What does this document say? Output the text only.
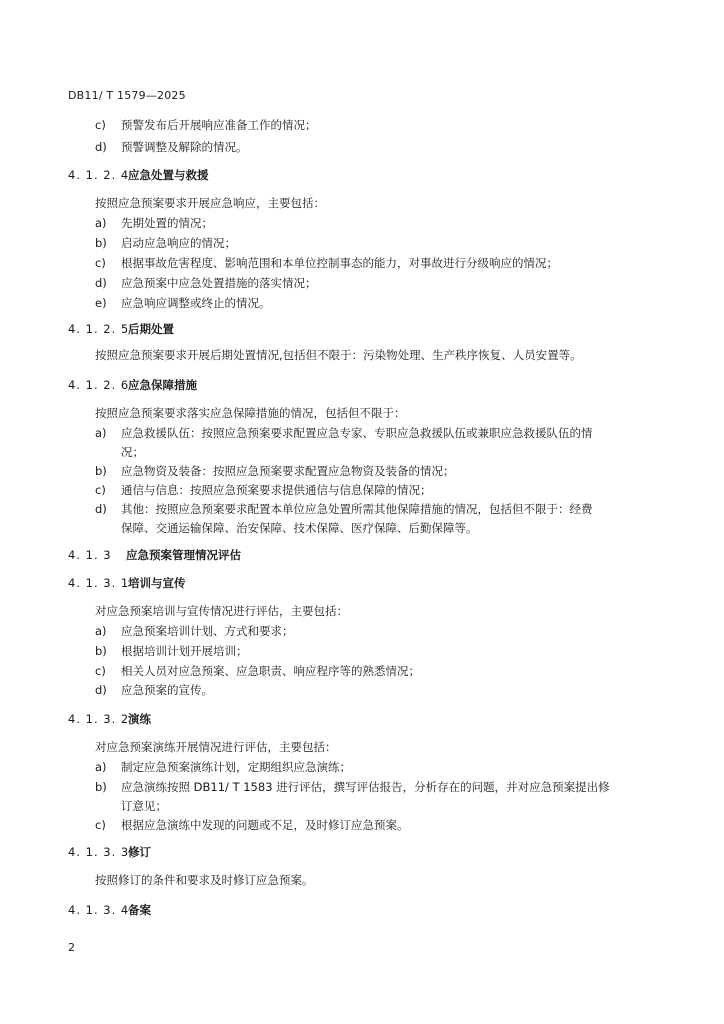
DB11/ T 1579—2025
c) 预警发布后开展响应准备工作的情况；
d) 预警调整及解除的情况。
4. 1. 2. 4应急处置与救援
按照应急预案要求开展应急响应，主要包括：
a) 先期处置的情况；
b) 启动应急响应的情况；
c) 根据事故危害程度、影响范围和本单位控制事态的能力，对事故进行分级响应的情况；
d) 应急预案中应急处置措施的落实情况；
e) 应急响应调整或终止的情况。
4. 1. 2. 5后期处置
按照应急预案要求开展后期处置情况,包括但不限于：污染物处理、生产秩序恢复、人员安置等。
4. 1. 2. 6应急保障措施
按照应急预案要求落实应急保障措施的情况，包括但不限于：
a) 应急救援队伍：按照应急预案要求配置应急专家、专职应急救援队伍或兼职应急救援队伍的情
况；
b) 应急物资及装备：按照应急预案要求配置应急物资及装备的情况；
c) 通信与信息：按照应急预案要求提供通信与信息保障的情况；
d) 其他：按照应急预案要求配置本单位应急处置所需其他保障措施的情况，包括但不限于：经费
保障、交通运输保障、治安保障、技术保障、医疗保障、后勤保障等。
4. 1. 3 应急预案管理情况评估
4. 1. 3. 1培训与宣传
对应急预案培训与宣传情况进行评估，主要包括：
a) 应急预案培训计划、方式和要求；
b) 根据培训计划开展培训；
c) 相关人员对应急预案、应急职责、响应程序等的熟悉情况；
d) 应急预案的宣传。
4. 1. 3. 2演练
对应急预案演练开展情况进行评估，主要包括：
a) 制定应急预案演练计划，定期组织应急演练；
b) 应急演练按照 DB11/ T 1583 进行评估，撰写评估报告，分析存在的问题，并对应急预案提出修
订意见；
c) 根据应急演练中发现的问题或不足，及时修订应急预案。
4. 1. 3. 3修订
按照修订的条件和要求及时修订应急预案。
4. 1. 3. 4备案
2
